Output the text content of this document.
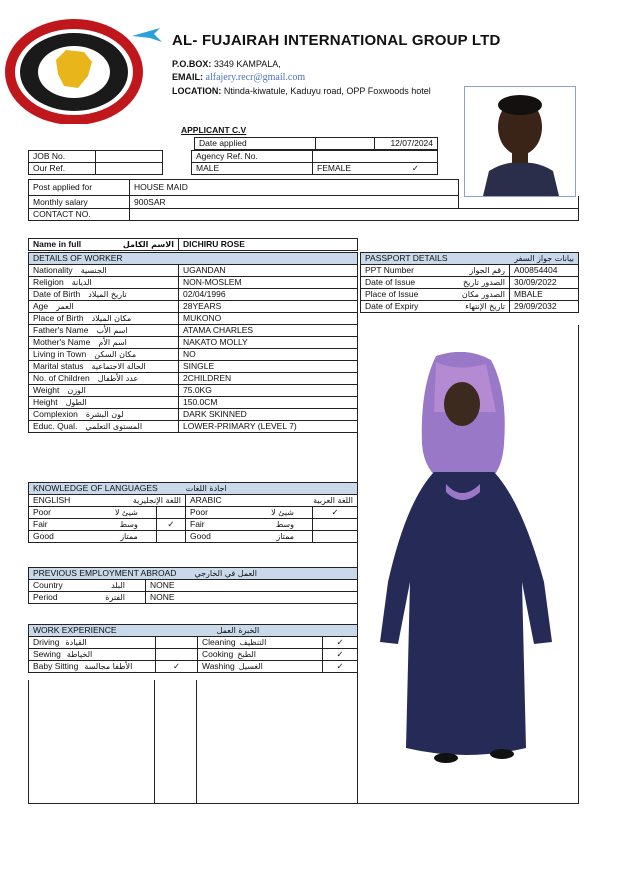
AL- FUJAIRAH INTERNATIONAL GROUP LTD
P.O.BOX: 3349 KAMPALA,
EMAIL: alfajery.recr@gmail.com
LOCATION: Ntinda-kiwatule, Kaduyu road, OPP Foxwoods hotel
APPLICANT C.V
Date applied		12/07/2024
JOB No.			Agency Ref. No.	
Our Ref.			MALE	FEMALE ✓
Post applied for	HOUSE MAID	
Monthly salary	900SAR	
CONTACT NO.		
Name in full	الاسم الكامل	DICHIRU ROSE
DETAILS OF WORKER	
Nationality الجنسية	UGANDAN
Religion الديانة	NON-MOSLEM
Date of Birth تاريخ الميلاد	02/04/1996
Age العمر	28YEARS
Place of Birth مكان الميلاد	MUKONO
Father's Name اسم الأب	ATAMA CHARLES
Mother's Name اسم الأم	NAKATO MOLLY
Living in Town مكان السكن	NO
Marital status الحالة الاجتماعية	SINGLE
No. of Children عدد الأطفال	2CHILDREN
Weight الوزن	75.0KG
Height الطول	150.0CM
Complexion لون البشرة	DARK SKINNED
Educ. Qual. المستوى التعلمي	LOWER-PRIMARY (LEVEL 7)
PASSPORT DETAILS بيانات جواز السفر	

PPT Number رقم الجواز	A00854404
Date of Issue الصدور تاريخ	30/09/2022
Place of Issue الصدور مكان	MBALE
Date of Expiry تاريخ الإنتهاء	29/09/2032
KNOWLEDGE OF LANGUAGES اجادة اللغات			
ENGLISH اللغة الإنجليزية		ARABIC اللغة العربية	

Poor شيئ لا		Poor شيئ لا	✓
Fair وسط	✓	Fair وسط	

Good ممتاز		Good ممتاز	

PREVIOUS EMPLOYMENT ABROAD العمل في الخارجي	
Country البلد	NONE
Period الفترة	NONE
WORK EXPERIENCE الخبرة العمل			
Driving القيادة		Cleaning التنظيف	✓
Sewing الخياطة		Cooking الطبخ	✓
Baby Sitting الأطفا مجالسة	✓	Washing الغسيل	✓
